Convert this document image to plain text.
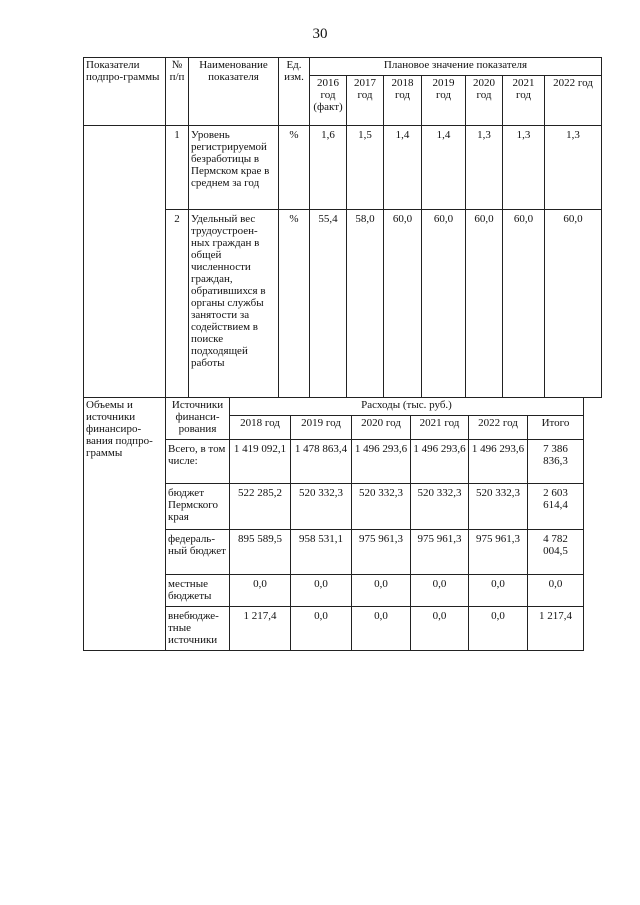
30
Показатели подпро-граммы	№ п/п	Наименование показателя	Ед. изм.	Плановое значение показателя						
				2016 год (факт)	2017 год	2018 год	2019 год	2020 год	2021 год	2022 год
	1	Уровень регистрируемой безработицы в Пермском крае в среднем за год	%	1,6	1,5	1,4	1,4	1,3	1,3	1,3
	2	Удельный вес трудоустроен-ных граждан в общей численности граждан, обратившихся в органы службы занятости за содействием в поиске подходящей работы	%	55,4	58,0	60,0	60,0	60,0	60,0	60,0
Объемы и источники финансиро-вания подпро-граммы	Источники финанси-рования	Расходы (тыс. руб.)					
		2018 год	2019 год	2020 год	2021 год	2022 год	Итого
	Всего, в том числе:	1 419 092,1	1 478 863,4	1 496 293,6	1 496 293,6	1 496 293,6	7 386 836,3
	бюджет Пермского края	522 285,2	520 332,3	520 332,3	520 332,3	520 332,3	2 603 614,4
	федераль-ный бюджет	895 589,5	958 531,1	975 961,3	975 961,3	975 961,3	4 782 004,5
	местные бюджеты	0,0	0,0	0,0	0,0	0,0	0,0
	внебюдже-тные источники	1 217,4	0,0	0,0	0,0	0,0	1 217,4
